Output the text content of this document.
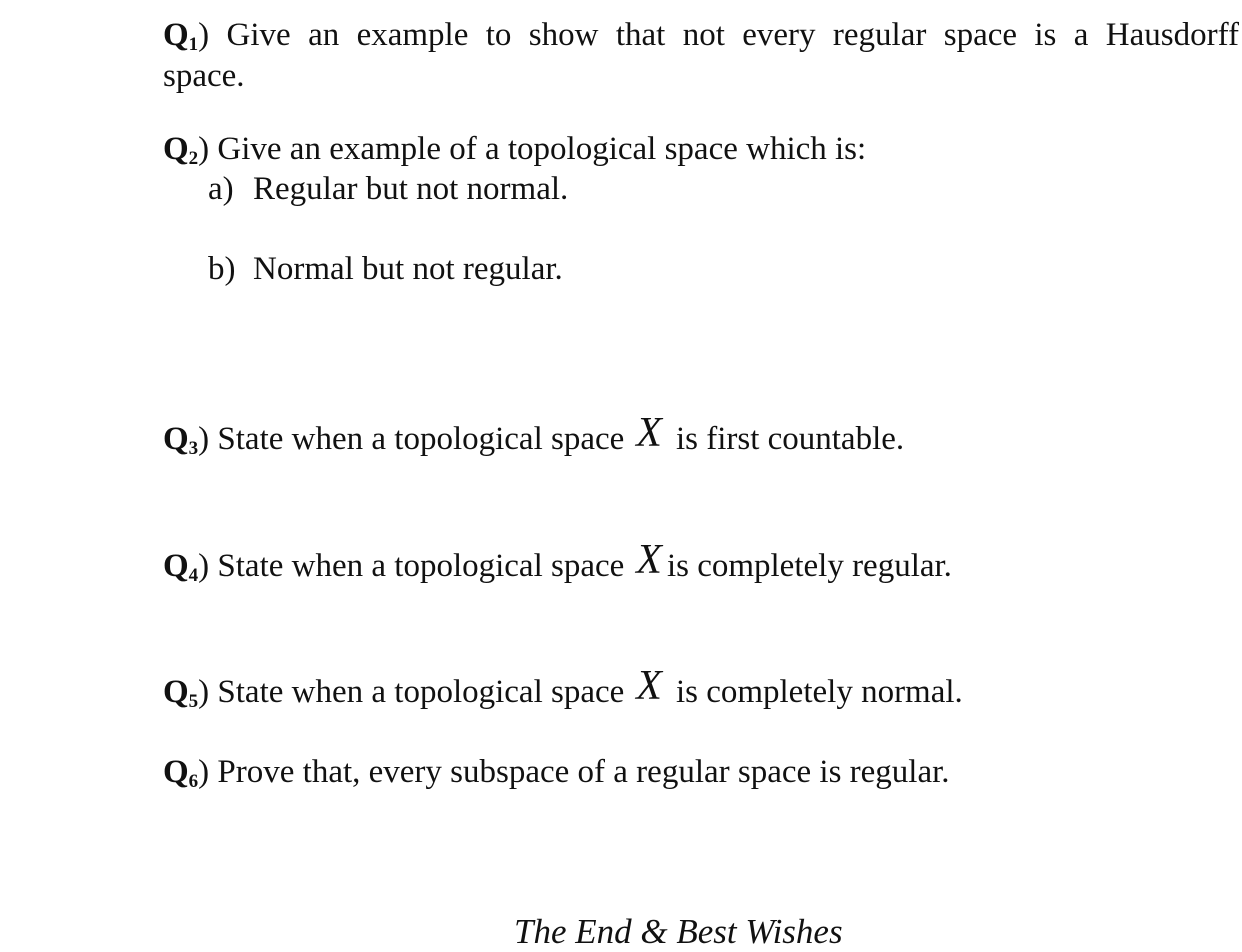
$Q_1$) Give an example to show that not every regular space is a Hausdorff
space.
$Q_2$) Give an example of a topological space which is:
a) Regular but not normal.
b) Normal but not regular.
$Q_3$) State when a topological space X is first countable.
$Q_4$) State when a topological space X is completely regular.
$Q_5$) State when a topological space X is completely normal.
$Q_6$) Prove that, every subspace of a regular space is regular.
The End & Best Wishes
